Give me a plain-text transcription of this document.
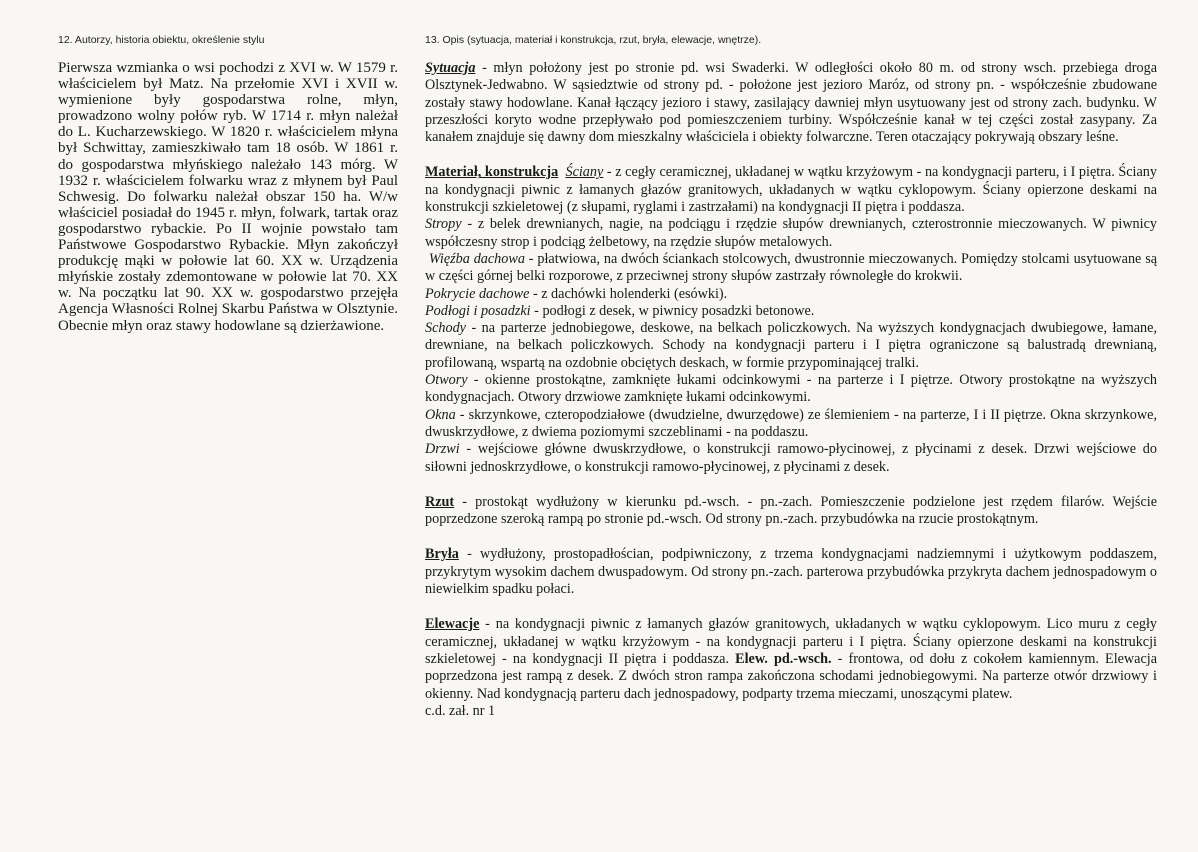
12. Autorzy, historia obiektu, określenie stylu
Pierwsza wzmianka o wsi pochodzi z XVI w. W 1579 r. właścicielem był Matz. Na przełomie XVI i XVII w. wymienione były gospodarstwa rolne, młyn, prowadzono wolny połów ryb. W 1714 r. młyn należał do L. Kucharzewskiego. W 1820 r. właścicielem młyna był Schwittay, zamieszkiwało tam 18 osób. W 1861 r. do gospodarstwa młyńskiego należało 143 mórg. W 1932 r. właścicielem folwarku wraz z młynem był Paul Schwesig. Do folwarku należał obszar 150 ha. W/w właściciel posiadał do 1945 r. młyn, folwark, tartak oraz gospodarstwo rybackie. Po II wojnie powstało tam Państwowe Gospodarstwo Rybackie. Młyn zakończył produkcję mąki w połowie lat 60. XX w. Urządzenia młyńskie zostały zdemontowane w połowie lat 70. XX w. Na początku lat 90. XX w. gospodarstwo przejęła Agencja Własności Rolnej Skarbu Państwa w Olsztynie. Obecnie młyn oraz stawy hodowlane są dzierżawione.
13. Opis (sytuacja, materiał i konstrukcja, rzut, bryła, elewacje, wnętrze).

Sytuacja - młyn położony jest po stronie pd. wsi Swaderki. W odległości około 80 m. od strony wsch. przebiega droga Olsztynek-Jedwabno. W sąsiedztwie od strony pd. - położone jest jezioro Maróz, od strony pn. - współcześnie zbudowane zostały stawy hodowlane. Kanał łączący jezioro i stawy, zasilający dawniej młyn usytuowany jest od strony zach. budynku. W przeszłości koryto wodne przepływało pod pomieszczeniem turbiny. Współcześnie kanał w tej części został zasypany. Za kanałem znajduje się dawny dom mieszkalny właściciela i obiekty folwarczne. Teren otaczający pokrywają obszary leśne.

Materiał, konstrukcja Ściany - z cegły ceramicznej, układanej w wątku krzyżowym - na kondygnacji parteru, i I piętra. Ściany na kondygnacji piwnic z łamanych głazów granitowych, układanych w wątku cyklopowym. Ściany opierzone deskami na konstrukcji szkieletowej (z słupami, ryglami i zastrzałami) na kondygnacji II piętra i poddasza.

Stropy - z belek drewnianych, nagie, na podciągu i rzędzie słupów drewnianych, czterostronnie mieczowanych. W piwnicy współczesny strop i podciąg żelbetowy, na rzędzie słupów metalowych.

Więźba dachowa - płatwiowa, na dwóch ściankach stolcowych, dwustronnie mieczowanych. Pomiędzy stolcami usytuowane są w części górnej belki rozporowe, z przeciwnej strony słupów zastrzały równoległe do krokwii.

Pokrycie dachowe - z dachówki holenderki (esówki).

Podłogi i posadzki - podłogi z desek, w piwnicy posadzki betonowe.

Schody - na parterze jednobiegowe, deskowe, na belkach policzkowych. Na wyższych kondygnacjach dwubiegowe, łamane, drewniane, na belkach policzkowych. Schody na kondygnacji parteru i I piętra ograniczone są balustradą drewnianą, profilowaną, wspartą na ozdobnie obciętych deskach, w formie przypominającej tralki.

Otwory - okienne prostokątne, zamknięte łukami odcinkowymi - na parterze i I piętrze. Otwory prostokątne na wyższych kondygnacjach. Otwory drzwiowe zamknięte łukami odcinkowymi.

Okna - skrzynkowe, czteropodziałowe (dwudzielne, dwurzędowe) ze ślemieniem - na parterze, I i II piętrze. Okna skrzynkowe, dwuskrzydłowe, z dwiema poziomymi szczeblinami - na poddaszu.

Drzwi - wejściowe główne dwuskrzydłowe, o konstrukcji ramowo-płycinowej, z płycinami z desek. Drzwi wejściowe do siłowni jednoskrzydłowe, o konstrukcji ramowo-płycinowej, z płycinami z desek.

Rzut - prostokąt wydłużony w kierunku pd.-wsch. - pn.-zach. Pomieszczenie podzielone jest rzędem filarów. Wejście poprzedzone szeroką rampą po stronie pd.-wsch. Od strony pn.-zach. przybudówka na rzucie prostokątnym.

Bryła - wydłużony, prostopadłościan, podpiwniczony, z trzema kondygnacjami nadziemnymi i użytkowym poddaszem, przykrytym wysokim dachem dwuspadowym. Od strony pn.-zach. parterowa przybudówka przykryta dachem jednospadowym o niewielkim spadku połaci.

Elewacje - na kondygnacji piwnic z łamanych głazów granitowych, układanych w wątku cyklopowym. Lico muru z cegły ceramicznej, układanej w wątku krzyżowym - na kondygnacji parteru i I piętra. Ściany opierzone deskami na konstrukcji szkieletowej - na kondygnacji II piętra i poddasza. Elew. pd.-wsch. - frontowa, od dołu z cokołem kamiennym. Elewacja poprzedzona jest rampą z desek. Z dwóch stron rampa zakończona schodami jednobiegowymi. Na parterze otwór drzwiowy i okienny. Nad kondygnacją parteru dach jednospadowy, podparty trzema mieczami, unoszącymi platew.

c.d. zał. nr 1
